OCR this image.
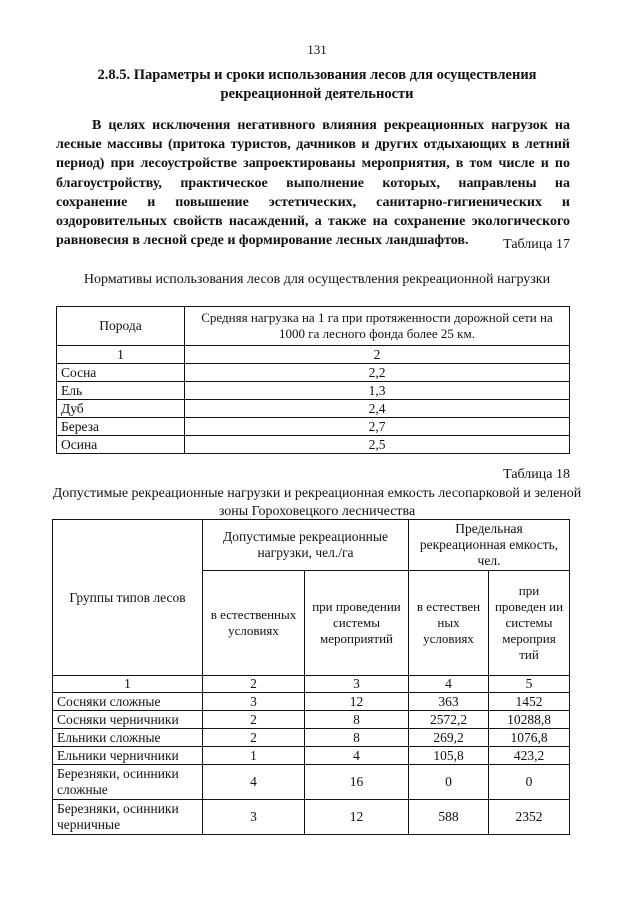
131
2.8.5. Параметры и сроки использования лесов для осуществления рекреационной деятельности
В целях исключения негативного влияния рекреационных нагрузок на лесные массивы (притока туристов, дачников и других отдыхающих в летний период) при лесоустройстве запроектированы мероприятия, в том числе и по благоустройству, практическое выполнение которых, направлены на сохранение и повышение эстетических, санитарно-гигиенических и оздоровительных свойств насаждений, а также на сохранение экологического равновесия в лесной среде и формирование лесных ландшафтов.	Таблица 17
Нормативы использования лесов для осуществления рекреационной нагрузки
Порода	Средняя нагрузка на 1 га при протяженности дорожной сети на 1000 га лесного фонда более 25 км.
1	2
Сосна	2,2
Ель	1,3
Дуб	2,4
Береза	2,7
Осина	2,5
Таблица 18
Допустимые рекреационные нагрузки и рекреационная емкость лесопарковой и зеленой зоны Гороховецкого лесничества
Группы типов лесов	Допустимые рекреационные нагрузки, чел./га		Предельная рекреационная емкость, чел.	
	в естественных условиях	при проведении системы мероприятий	в естествен ных условиях	при проведен ии системы мероприя тий
1	2	3	4	5
Сосняки сложные	3	12	363	1452
Сосняки черничники	2	8	2572,2	10288,8
Ельники сложные	2	8	269,2	1076,8
Ельники черничники	1	4	105,8	423,2
Березняки, осинники сложные	4	16	0	0
Березняки, осинники черничные	3	12	588	2352
